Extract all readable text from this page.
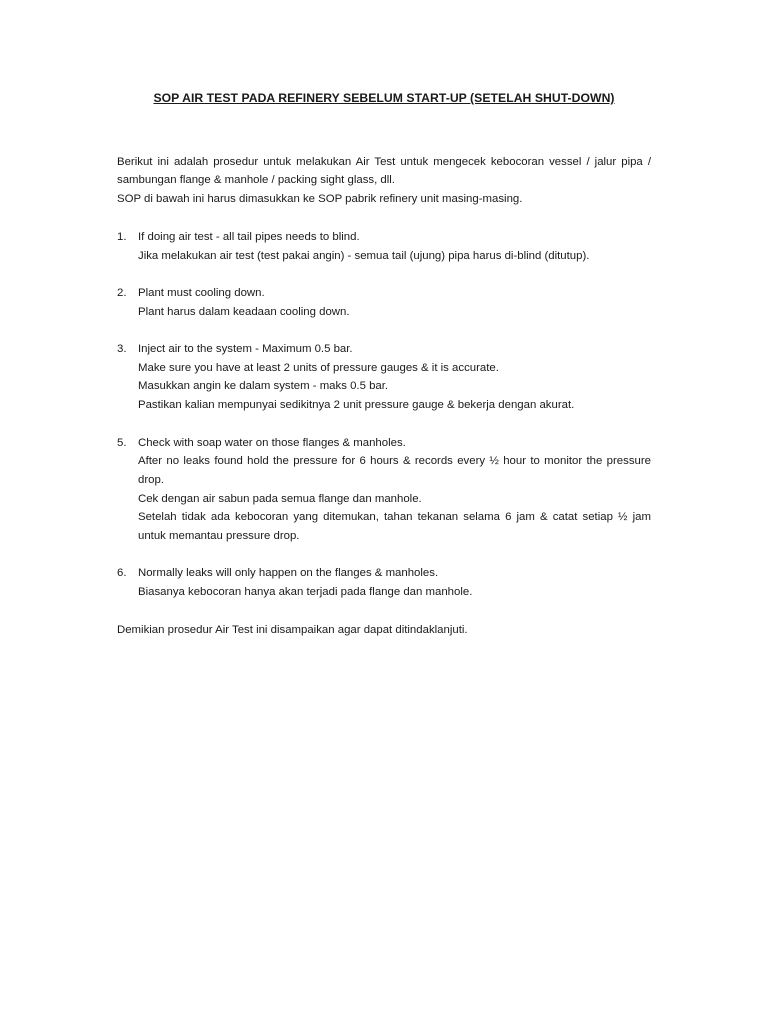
SOP AIR TEST PADA REFINERY SEBELUM START-UP (SETELAH SHUT-DOWN)

Berikut ini adalah prosedur untuk melakukan Air Test untuk mengecek kebocoran vessel / jalur pipa / sambungan flange & manhole / packing sight glass, dll.

SOP di bawah ini harus dimasukkan ke SOP pabrik refinery unit masing-masing.

1.	If doing air test - all tail pipes needs to blind.

Jika melakukan air test (test pakai angin) - semua tail (ujung) pipa harus di-blind (ditutup).

2.	Plant must cooling down.

Plant harus dalam keadaan cooling down.

3.	Inject air to the system - Maximum 0.5 bar.

Make sure you have at least 2 units of pressure gauges & it is accurate.

Masukkan angin ke dalam system - maks 0.5 bar.

Pastikan kalian mempunyai sedikitnya 2 unit pressure gauge & bekerja dengan akurat.

5.	Check with soap water on those flanges & manholes.

After no leaks found hold the pressure for 6 hours & records every ½ hour to monitor the pressure drop.

Cek dengan air sabun pada semua flange dan manhole.

Setelah tidak ada kebocoran yang ditemukan, tahan tekanan selama 6 jam & catat setiap ½ jam untuk memantau pressure drop.

6.	Normally leaks will only happen on the flanges & manholes.

Biasanya kebocoran hanya akan terjadi pada flange dan manhole.

Demikian prosedur Air Test ini disampaikan agar dapat ditindaklanjuti.
